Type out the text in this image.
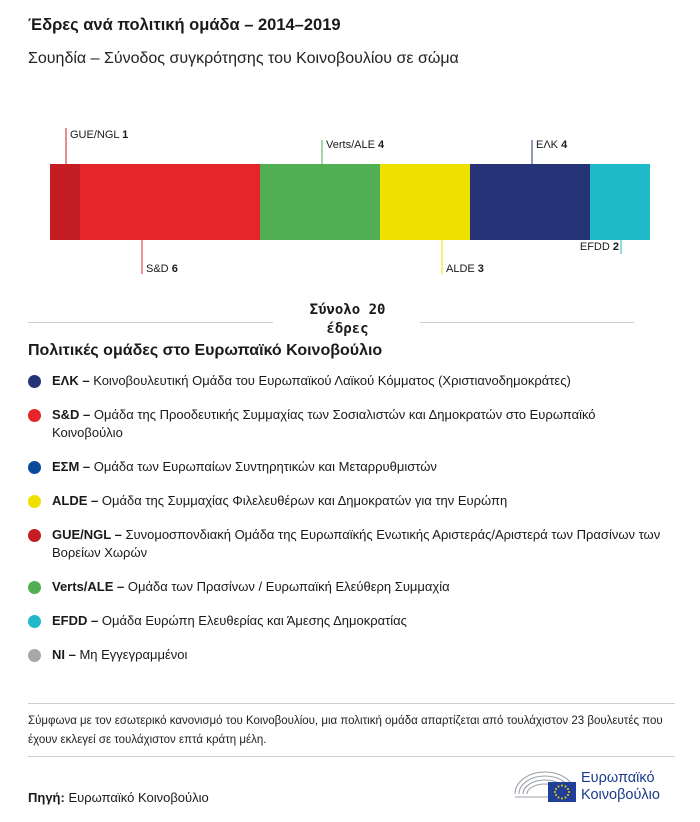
Έδρες ανά πολιτική ομάδα – 2014–2019
Σουηδία – Σύνοδος συγκρότησης του Κοινοβουλίου σε σώμα
GUE/NGL 1
S&D 6
Verts/ALE 4
ALDE 3
ΕΛΚ 4
EFDD 2
Σύνολο 20
έδρες
Πολιτικές ομάδες στο Ευρωπαϊκό Κοινοβούλιο
ΕΛΚ – Κοινοβουλευτική Ομάδα του Ευρωπαϊκού Λαϊκού Κόμματος (Χριστιανοδημοκράτες)
S&D – Ομάδα της Προοδευτικής Συμμαχίας των Σοσιαλιστών και Δημοκρατών στο Ευρωπαϊκό Κοινοβούλιο
ΕΣΜ – Ομάδα των Ευρωπαίων Συντηρητικών και Μεταρρυθμιστών
ALDE – Ομάδα της Συμμαχίας Φιλελευθέρων και Δημοκρατών για την Ευρώπη
GUE/NGL – Συνομοσπονδιακή Ομάδα της Ευρωπαϊκής Ενωτικής Αριστεράς/Αριστερά των Πρασίνων των Βορείων Χωρών
Verts/ALE – Ομάδα των Πρασίνων / Ευρωπαϊκή Ελεύθερη Συμμαχία
EFDD – Ομάδα Ευρώπη Ελευθερίας και Άμεσης Δημοκρατίας
NI – Μη Εγγεγραμμένοι
Σύμφωνα με τον εσωτερικό κανονισμό του Κοινοβουλίου, μια πολιτική ομάδα απαρτίζεται από τουλάχιστον 23 βουλευτές που έχουν εκλεγεί σε τουλάχιστον επτά κράτη μέλη.
Πηγή: Ευρωπαϊκό Κοινοβούλιο
Ευρωπαϊκό
Κοινοβούλιο
